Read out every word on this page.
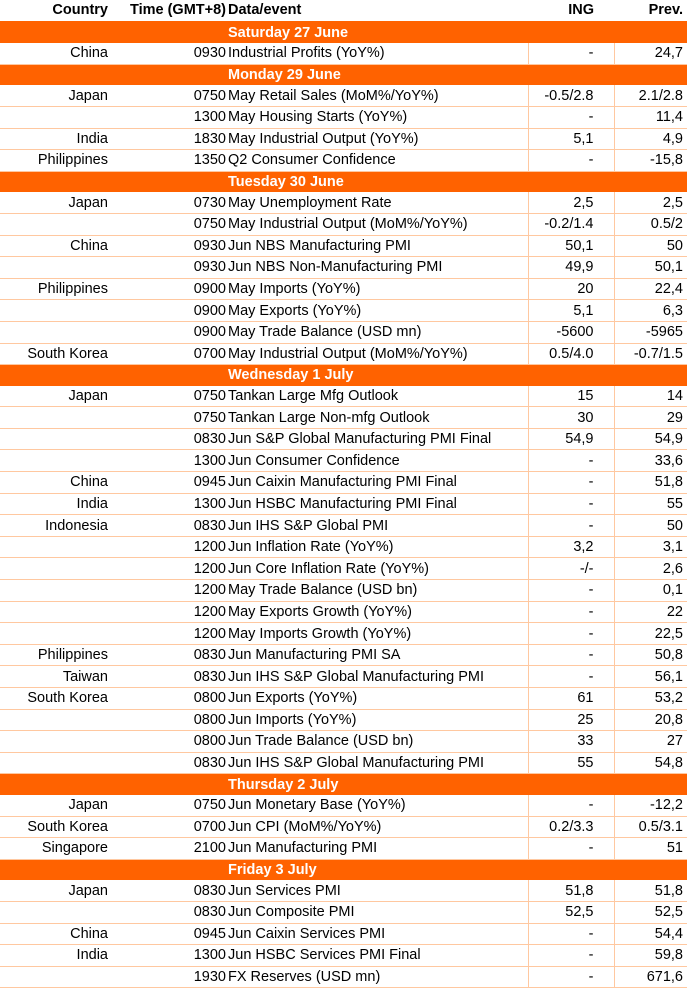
Country	Time (GMT+8)	Data/event	ING	Prev.
Saturday 27 June				
China	0930	Industrial Profits (YoY%)	-	24,7
Monday 29 June				
Japan	0750	May Retail Sales (MoM%/YoY%)	-0.5/2.8	2.1/2.8
	1300	May Housing Starts (YoY%)	-	11,4
India	1830	May Industrial Output (YoY%)	5,1	4,9
Philippines	1350	Q2 Consumer Confidence	-	-15,8
Tuesday 30 June				
Japan	0730	May Unemployment Rate	2,5	2,5
	0750	May Industrial Output (MoM%/YoY%)	-0.2/1.4	0.5/2
China	0930	Jun NBS Manufacturing PMI	50,1	50
	0930	Jun NBS Non-Manufacturing PMI	49,9	50,1
Philippines	0900	May Imports (YoY%)	20	22,4
	0900	May Exports (YoY%)	5,1	6,3
	0900	May Trade Balance (USD mn)	-5600	-5965
South Korea	0700	May Industrial Output (MoM%/YoY%)	0.5/4.0	-0.7/1.5
Wednesday 1 July				
Japan	0750	Tankan Large Mfg Outlook	15	14
	0750	Tankan Large Non-mfg Outlook	30	29
	0830	Jun S&P Global Manufacturing PMI Final	54,9	54,9
	1300	Jun Consumer Confidence	-	33,6
China	0945	Jun Caixin Manufacturing PMI Final	-	51,8
India	1300	Jun HSBC Manufacturing PMI Final	-	55
Indonesia	0830	Jun IHS S&P Global PMI	-	50
	1200	Jun Inflation Rate (YoY%)	3,2	3,1
	1200	Jun Core Inflation Rate (YoY%)	-/-	2,6
	1200	May Trade Balance (USD bn)	-	0,1
	1200	May Exports Growth (YoY%)	-	22
	1200	May Imports Growth (YoY%)	-	22,5
Philippines	0830	Jun Manufacturing PMI SA	-	50,8
Taiwan	0830	Jun IHS S&P Global Manufacturing PMI	-	56,1
South Korea	0800	Jun Exports (YoY%)	61	53,2
	0800	Jun Imports (YoY%)	25	20,8
	0800	Jun Trade Balance (USD bn)	33	27
	0830	Jun IHS S&P Global Manufacturing PMI	55	54,8
Thursday 2 July				
Japan	0750	Jun Monetary Base (YoY%)	-	-12,2
South Korea	0700	Jun CPI (MoM%/YoY%)	0.2/3.3	0.5/3.1
Singapore	2100	Jun Manufacturing PMI	-	51
Friday 3 July				
Japan	0830	Jun Services PMI	51,8	51,8
	0830	Jun Composite PMI	52,5	52,5
China	0945	Jun Caixin Services PMI	-	54,4
India	1300	Jun HSBC Services PMI Final	-	59,8
	1930	FX Reserves (USD mn)	-	671,6
